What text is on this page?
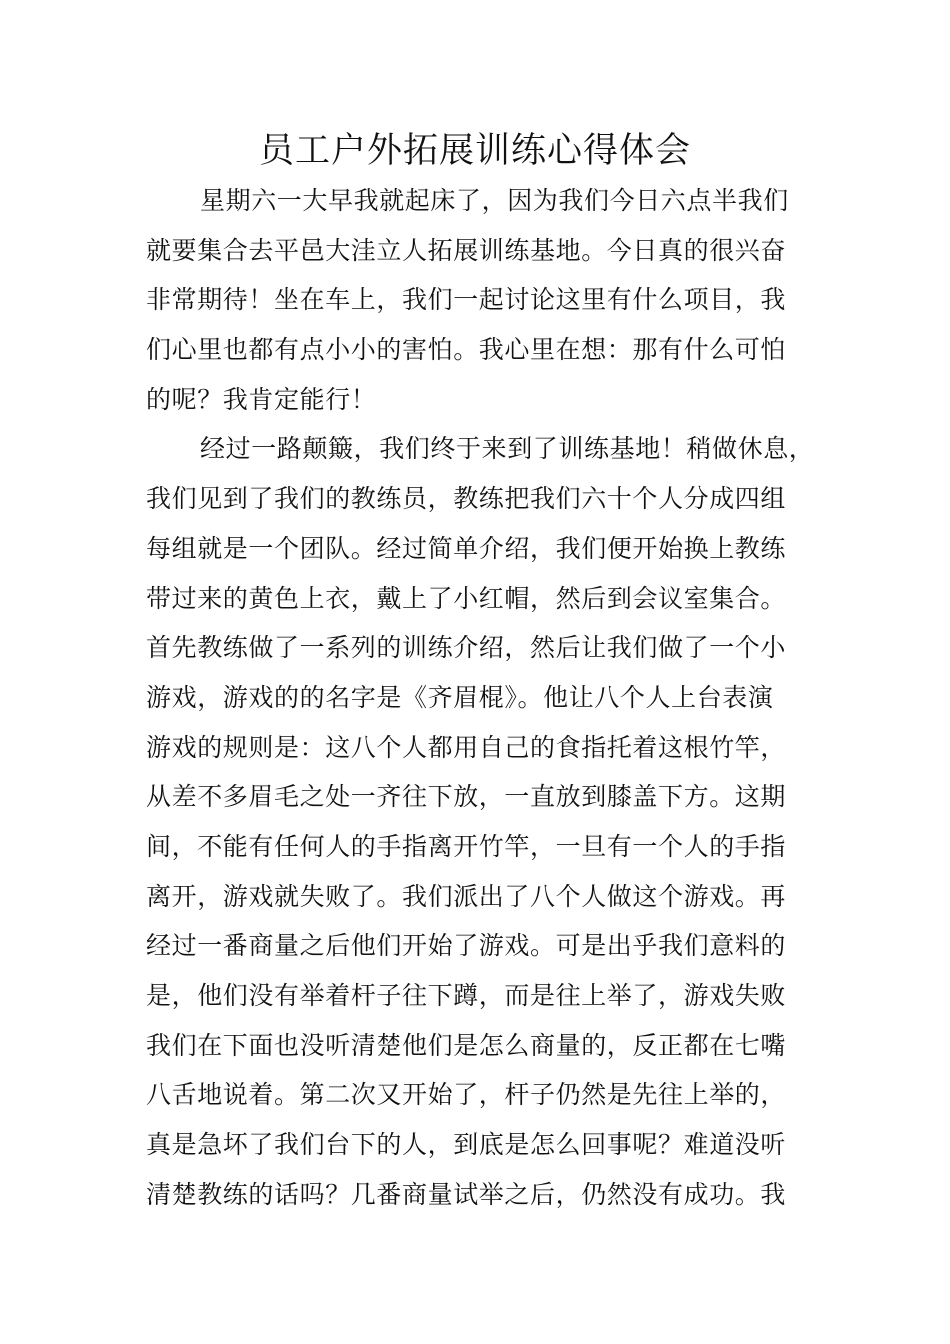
员工户外拓展训练心得体会
星期六一大早我就起床了，因为我们今日六点半我们
就要集合去平邑大洼立人拓展训练基地。今日真的很兴奋
非常期待！坐在车上，我们一起讨论这里有什么项目，我
们心里也都有点小小的害怕。我心里在想：那有什么可怕
的呢？我肯定能行！
经过一路颠簸，我们终于来到了训练基地！稍做休息，
我们见到了我们的教练员，教练把我们六十个人分成四组
每组就是一个团队。经过简单介绍，我们便开始换上教练
带过来的黄色上衣，戴上了小红帽，然后到会议室集合。
首先教练做了一系列的训练介绍，然后让我们做了一个小
游戏，游戏的的名字是《齐眉棍》。他让八个人上台表演
游戏的规则是：这八个人都用自己的食指托着这根竹竿，
从差不多眉毛之处一齐往下放，一直放到膝盖下方。这期
间，不能有任何人的手指离开竹竿，一旦有一个人的手指
离开，游戏就失败了。我们派出了八个人做这个游戏。再
经过一番商量之后他们开始了游戏。可是出乎我们意料的
是，他们没有举着杆子往下蹲，而是往上举了，游戏失败
我们在下面也没听清楚他们是怎么商量的，反正都在七嘴
八舌地说着。第二次又开始了，杆子仍然是先往上举的，
真是急坏了我们台下的人，到底是怎么回事呢？难道没听
清楚教练的话吗？几番商量试举之后，仍然没有成功。我
